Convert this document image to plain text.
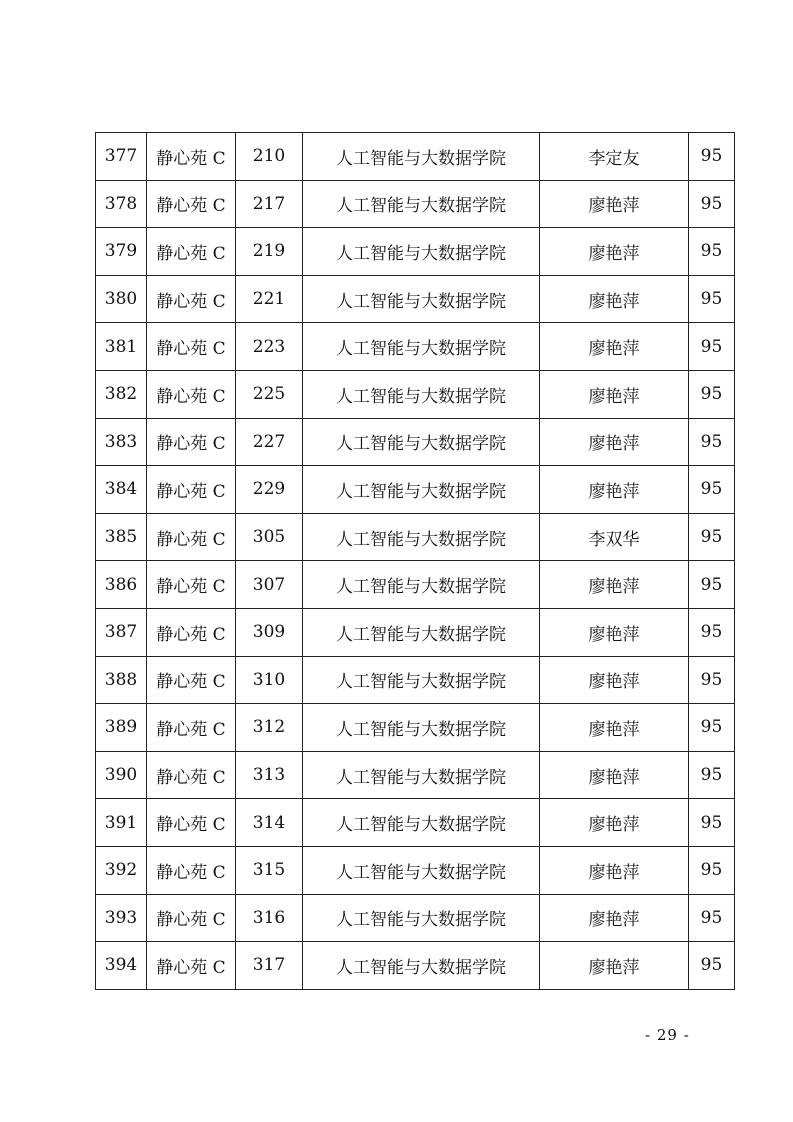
377	静心苑 C	210	人工智能与大数据学院	李定友	95
378	静心苑 C	217	人工智能与大数据学院	廖艳萍	95
379	静心苑 C	219	人工智能与大数据学院	廖艳萍	95
380	静心苑 C	221	人工智能与大数据学院	廖艳萍	95
381	静心苑 C	223	人工智能与大数据学院	廖艳萍	95
382	静心苑 C	225	人工智能与大数据学院	廖艳萍	95
383	静心苑 C	227	人工智能与大数据学院	廖艳萍	95
384	静心苑 C	229	人工智能与大数据学院	廖艳萍	95
385	静心苑 C	305	人工智能与大数据学院	李双华	95
386	静心苑 C	307	人工智能与大数据学院	廖艳萍	95
387	静心苑 C	309	人工智能与大数据学院	廖艳萍	95
388	静心苑 C	310	人工智能与大数据学院	廖艳萍	95
389	静心苑 C	312	人工智能与大数据学院	廖艳萍	95
390	静心苑 C	313	人工智能与大数据学院	廖艳萍	95
391	静心苑 C	314	人工智能与大数据学院	廖艳萍	95
392	静心苑 C	315	人工智能与大数据学院	廖艳萍	95
393	静心苑 C	316	人工智能与大数据学院	廖艳萍	95
394	静心苑 C	317	人工智能与大数据学院	廖艳萍	95
- 29 -
